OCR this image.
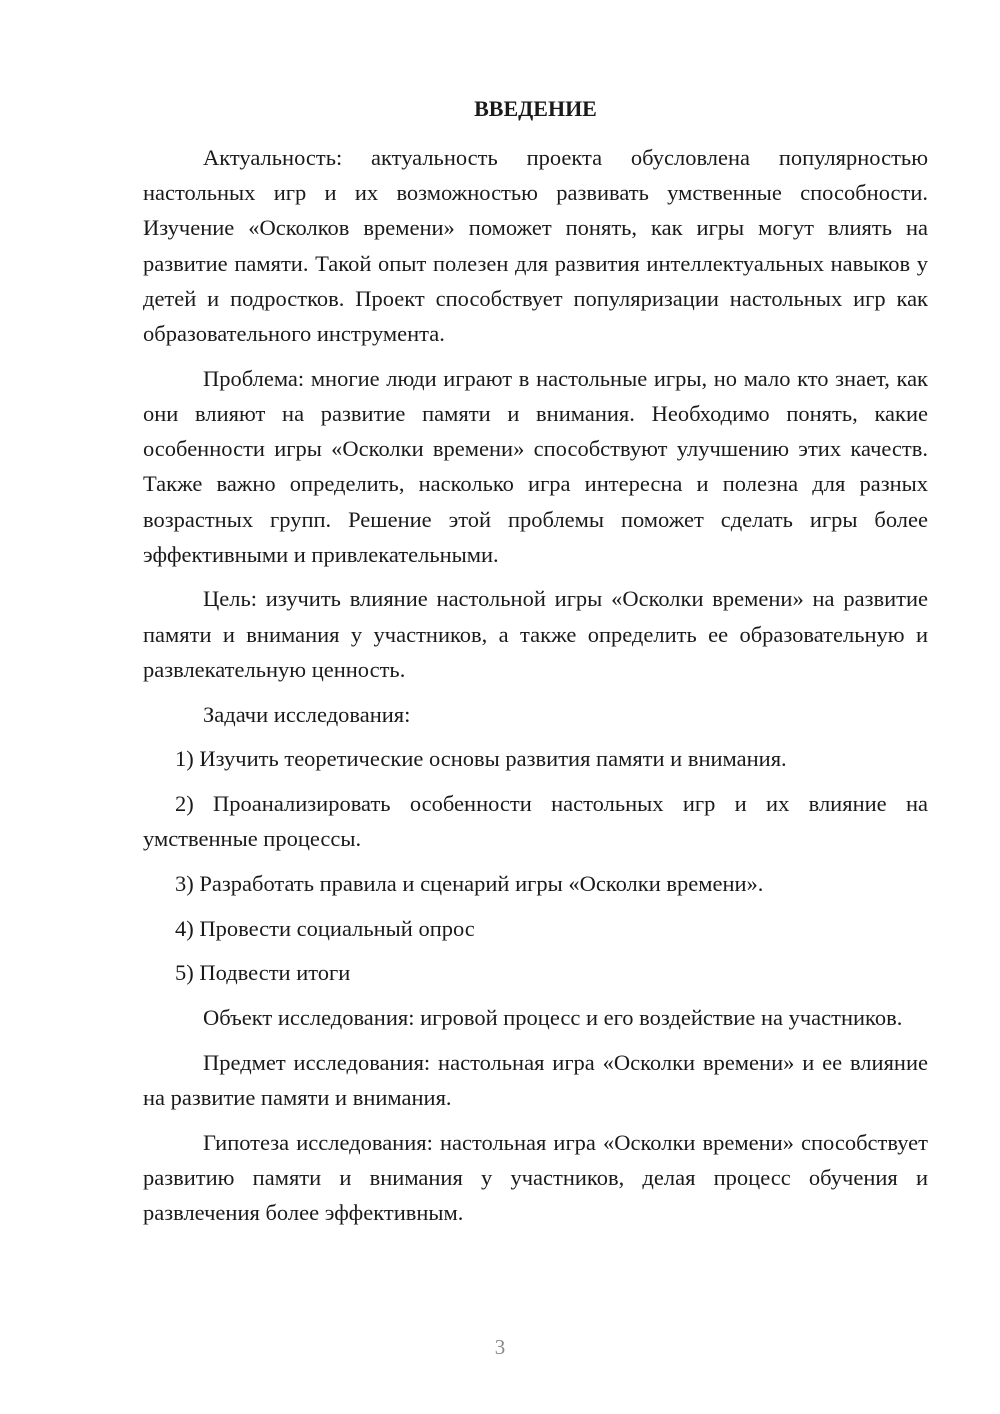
ВВЕДЕНИЕ

Актуальность: актуальность проекта обусловлена популярностью настольных игр и их возможностью развивать умственные способности. Изучение «Осколков времени» поможет понять, как игры могут влиять на развитие памяти. Такой опыт полезен для развития интеллектуальных навыков у детей и подростков. Проект способствует популяризации настольных игр как образовательного инструмента.

Проблема: многие люди играют в настольные игры, но мало кто знает, как они влияют на развитие памяти и внимания. Необходимо понять, какие особенности игры «Осколки времени» способствуют улучшению этих качеств. Также важно определить, насколько игра интересна и полезна для разных возрастных групп. Решение этой проблемы поможет сделать игры более эффективными и привлекательными.

Цель: изучить влияние настольной игры «Осколки времени» на развитие памяти и внимания у участников, а также определить ее образовательную и развлекательную ценность.

Задачи исследования:

1) Изучить теоретические основы развития памяти и внимания.

2) Проанализировать особенности настольных игр и их влияние на умственные процессы.

3) Разработать правила и сценарий игры «Осколки времени».

4) Провести социальный опрос

5) Подвести итоги

Объект исследования: игровой процесс и его воздействие на участников.

Предмет исследования: настольная игра «Осколки времени» и ее влияние на развитие памяти и внимания.

Гипотеза исследования: настольная игра «Осколки времени» способствует развитию памяти и внимания у участников, делая процесс обучения и развлечения более эффективным.

3
